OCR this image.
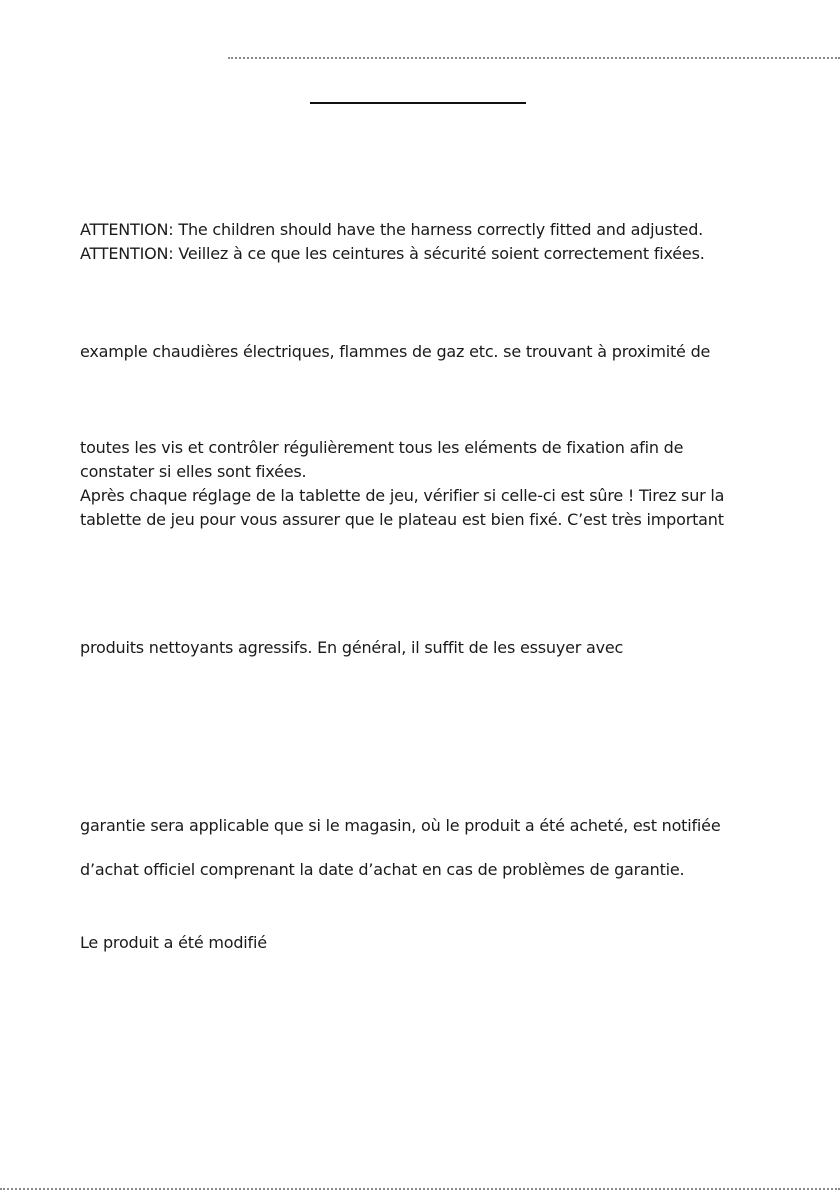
ATTENTION: The children should have the harness correctly fitted and adjusted.

ATTENTION: Veillez à ce que les ceintures à sécurité soient correctement fixées.

example chaudières électriques, flammes de gaz etc. se trouvant à proximité de

toutes les vis et contrôler régulièrement tous les eléments de fixation afin de

constater si elles sont fixées.

Après chaque réglage de la tablette de jeu, vérifier si celle-ci est sûre ! Tirez sur la

tablette de jeu pour vous assurer que le plateau est bien fixé. C’est très important

produits nettoyants agressifs. En général, il suffit de les essuyer avec

garantie sera applicable que si le magasin, où le produit a été acheté, est notifiée

d’achat officiel comprenant la date d’achat en cas de problèmes de garantie.

Le produit a été modifié
